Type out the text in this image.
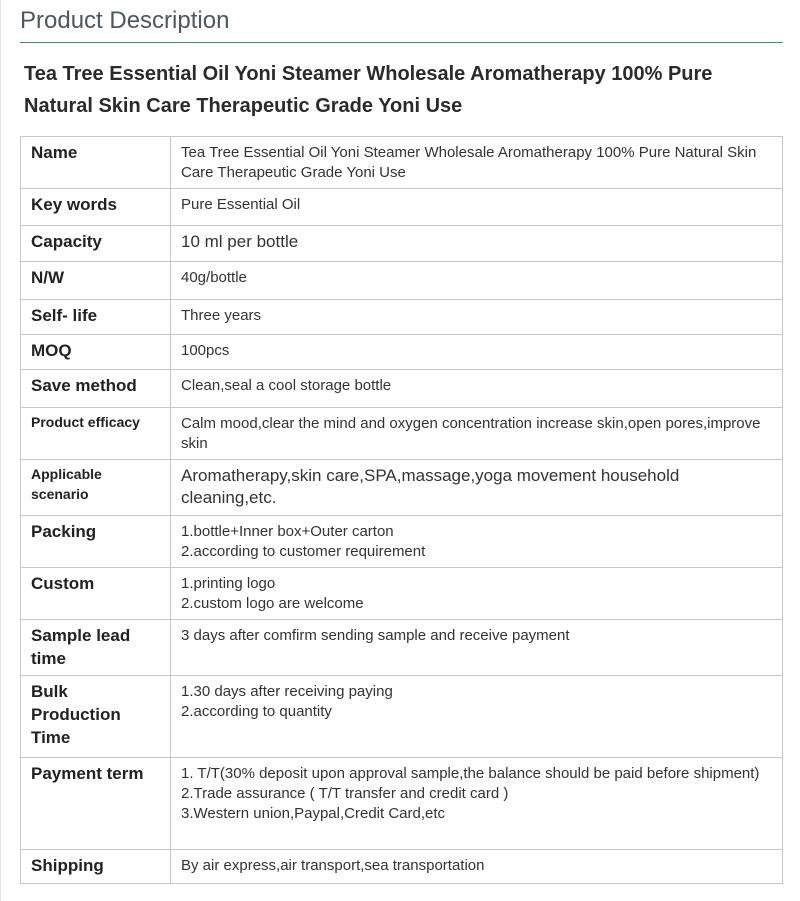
Product Description
Tea Tree Essential Oil Yoni Steamer Wholesale Aromatherapy 100% Pure Natural Skin Care Therapeutic Grade Yoni Use
Name	Tea Tree Essential Oil Yoni Steamer Wholesale Aromatherapy 100% Pure Natural Skin Care Therapeutic Grade Yoni Use

Key words	Pure Essential Oil

Capacity	10 ml per bottle

N/W	40g/bottle

Self- life	Three years

MOQ	100pcs

Save method	Clean,seal a cool storage bottle

Product efficacy	Calm mood,clear the mind and oxygen concentration increase skin,open pores,improve skin

Applicable scenario	Aromatherapy,skin care,SPA,massage,yoga movement household cleaning,etc.

Packing	1.bottle+Inner box+Outer carton
2.according to customer requirement

Custom	1.printing logo
2.custom logo are welcome

Sample lead time	3 days after comfirm sending sample and receive payment

Bulk Production Time	1.30 days after receiving paying
2.according to quantity

Payment term	1. T/T(30% deposit upon approval sample,the balance should be paid before shipment)
2.Trade assurance ( T/T transfer and credit card )
3.Western union,Paypal,Credit Card,etc

Shipping	By air express,air transport,sea transportation
